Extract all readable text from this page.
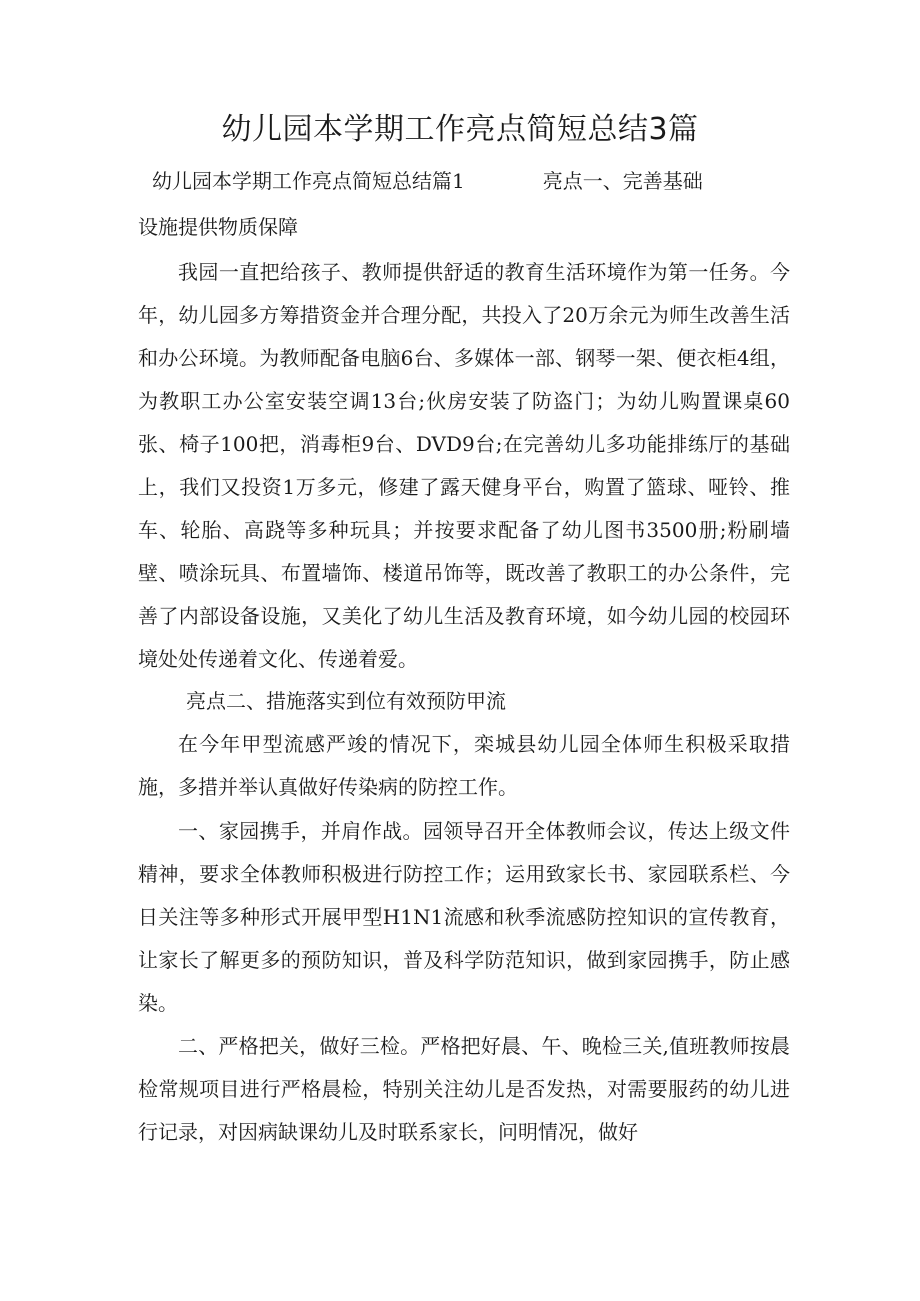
幼儿园本学期工作亮点简短总结3篇
幼儿园本学期工作亮点简短总结篇1	亮点一、完善基础
设施提供物质保障

我园一直把给孩子、教师提供舒适的教育生活环境作为第一任务。今年，幼儿园多方筹措资金并合理分配，共投入了20万余元为师生改善生活和办公环境。为教师配备电脑6台、多媒体一部、钢琴一架、便衣柜4组，为教职工办公室安装空调13台;伙房安装了防盗门；为幼儿购置课桌60张、椅子100把，消毒柜9台、DVD9台;在完善幼儿多功能排练厅的基础上，我们又投资1万多元，修建了露天健身平台，购置了篮球、哑铃、推车、轮胎、高跷等多种玩具；并按要求配备了幼儿图书3500册;粉刷墙壁、喷涂玩具、布置墙饰、楼道吊饰等，既改善了教职工的办公条件，完善了内部设备设施，又美化了幼儿生活及教育环境，如今幼儿园的校园环境处处传递着文化、传递着爱。

亮点二、措施落实到位有效预防甲流

在今年甲型流感严竣的情况下，栾城县幼儿园全体师生积极采取措施，多措并举认真做好传染病的防控工作。

一、家园携手，并肩作战。园领导召开全体教师会议，传达上级文件精神，要求全体教师积极进行防控工作；运用致家长书、家园联系栏、今日关注等多种形式开展甲型H1N1流感和秋季流感防控知识的宣传教育，让家长了解更多的预防知识，普及科学防范知识，做到家园携手，防止感染。

二、严格把关，做好三检。严格把好晨、午、晚检三关,值班教师按晨检常规项目进行严格晨检，特别关注幼儿是否发热，对需要服药的幼儿进行记录，对因病缺课幼儿及时联系家长，问明情况，做好
